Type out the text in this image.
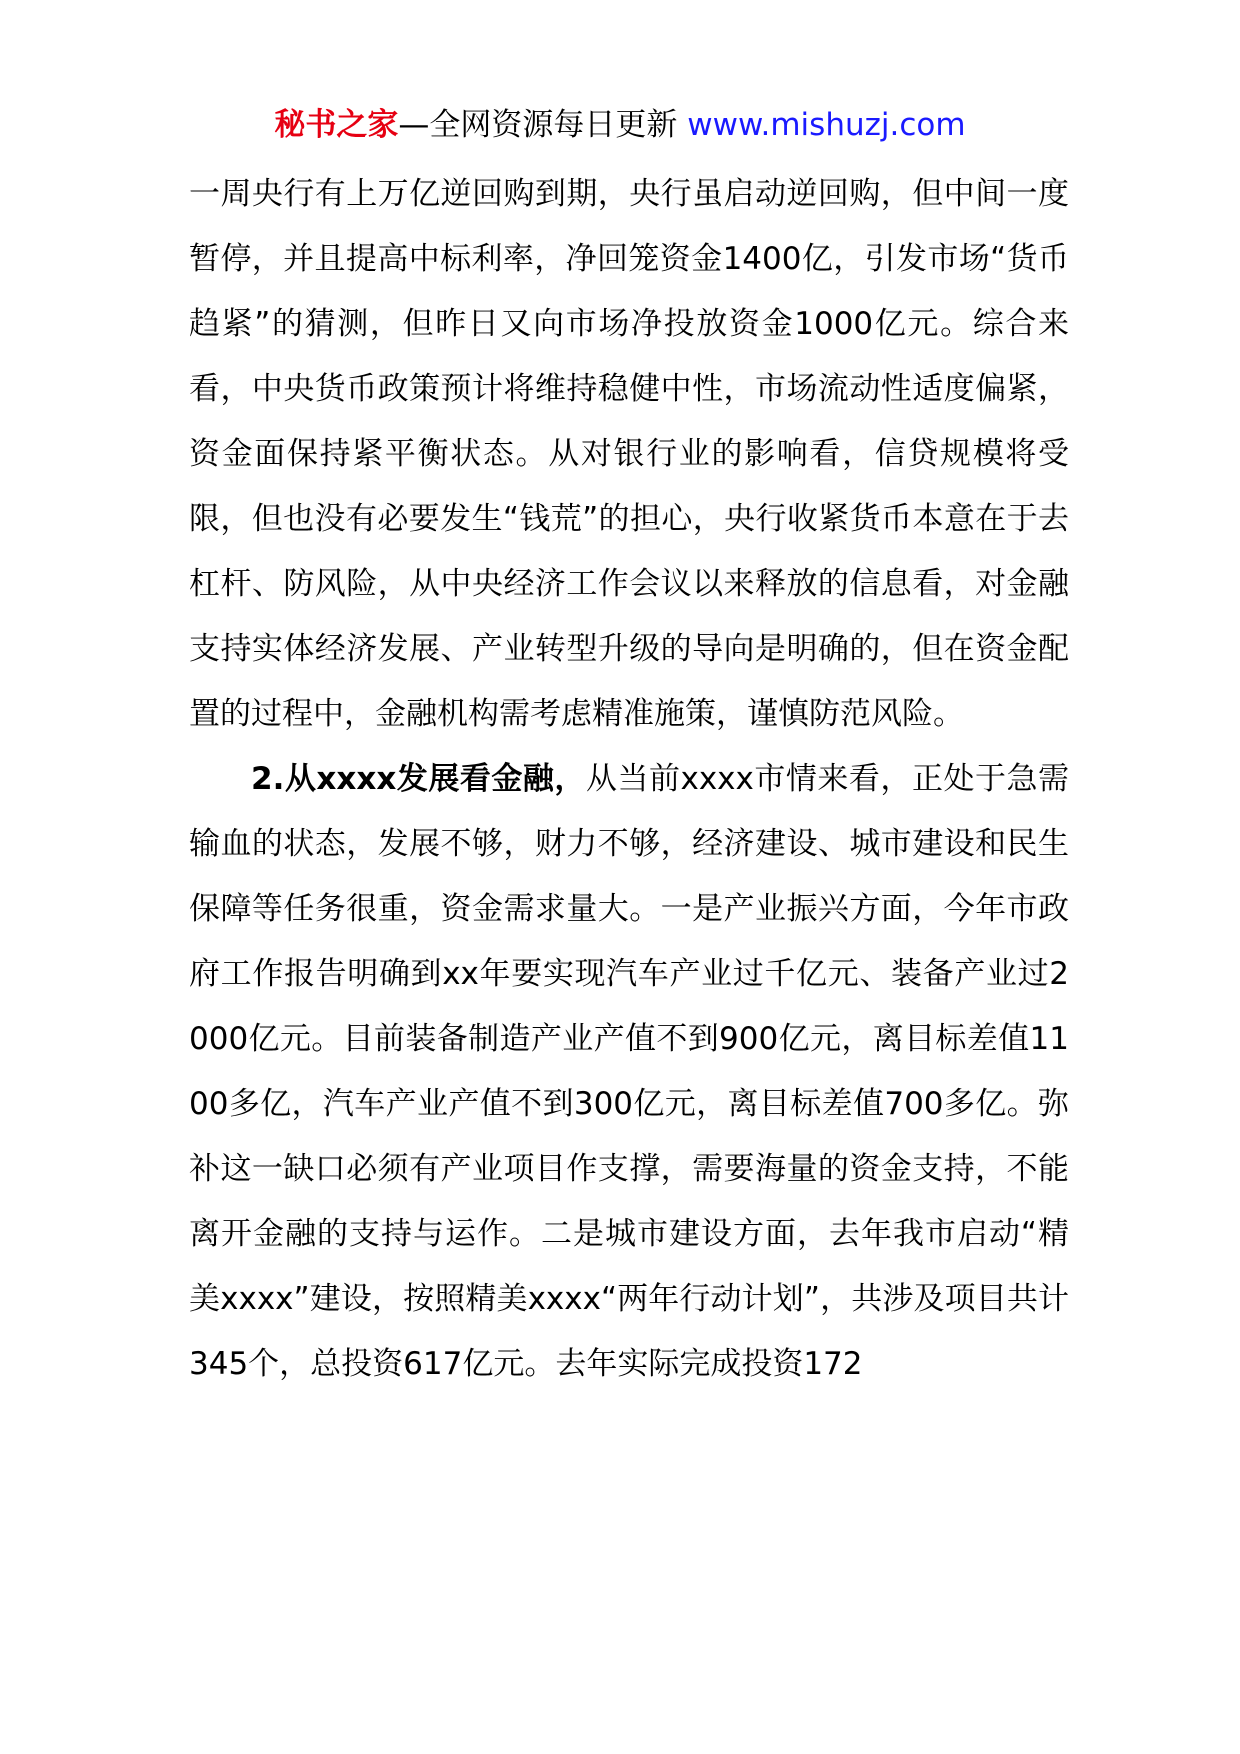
秘书之家—全网资源每日更新 www.mishuzj.com

一周央行有上万亿逆回购到期，央行虽启动逆回购，但中间一度暂停，并且提高中标利率，净回笼资金1400亿，引发市场“货币趋紧”的猜测，但昨日又向市场净投放资金1000亿元。综合来看，中央货币政策预计将维持稳健中性，市场流动性适度偏紧，资金面保持紧平衡状态。从对银行业的影响看，信贷规模将受限，但也没有必要发生“钱荒”的担心，央行收紧货币本意在于去杠杆、防风险，从中央经济工作会议以来释放的信息看，对金融支持实体经济发展、产业转型升级的导向是明确的，但在资金配置的过程中，金融机构需考虑精准施策，谨慎防范风险。

2.从xxxx发展看金融，从当前xxxx市情来看，正处于急需输血的状态，发展不够，财力不够，经济建设、城市建设和民生保障等任务很重，资金需求量大。一是产业振兴方面，今年市政府工作报告明确到xx年要实现汽车产业过千亿元、装备产业过2000亿元。目前装备制造产业产值不到900亿元，离目标差值1100多亿，汽车产业产值不到300亿元，离目标差值700多亿。弥补这一缺口必须有产业项目作支撑，需要海量的资金支持，不能离开金融的支持与运作。二是城市建设方面，去年我市启动“精美xxxx”建设，按照精美xxxx“两年行动计划”，共涉及项目共计345个，总投资617亿元。去年实际完成投资172
